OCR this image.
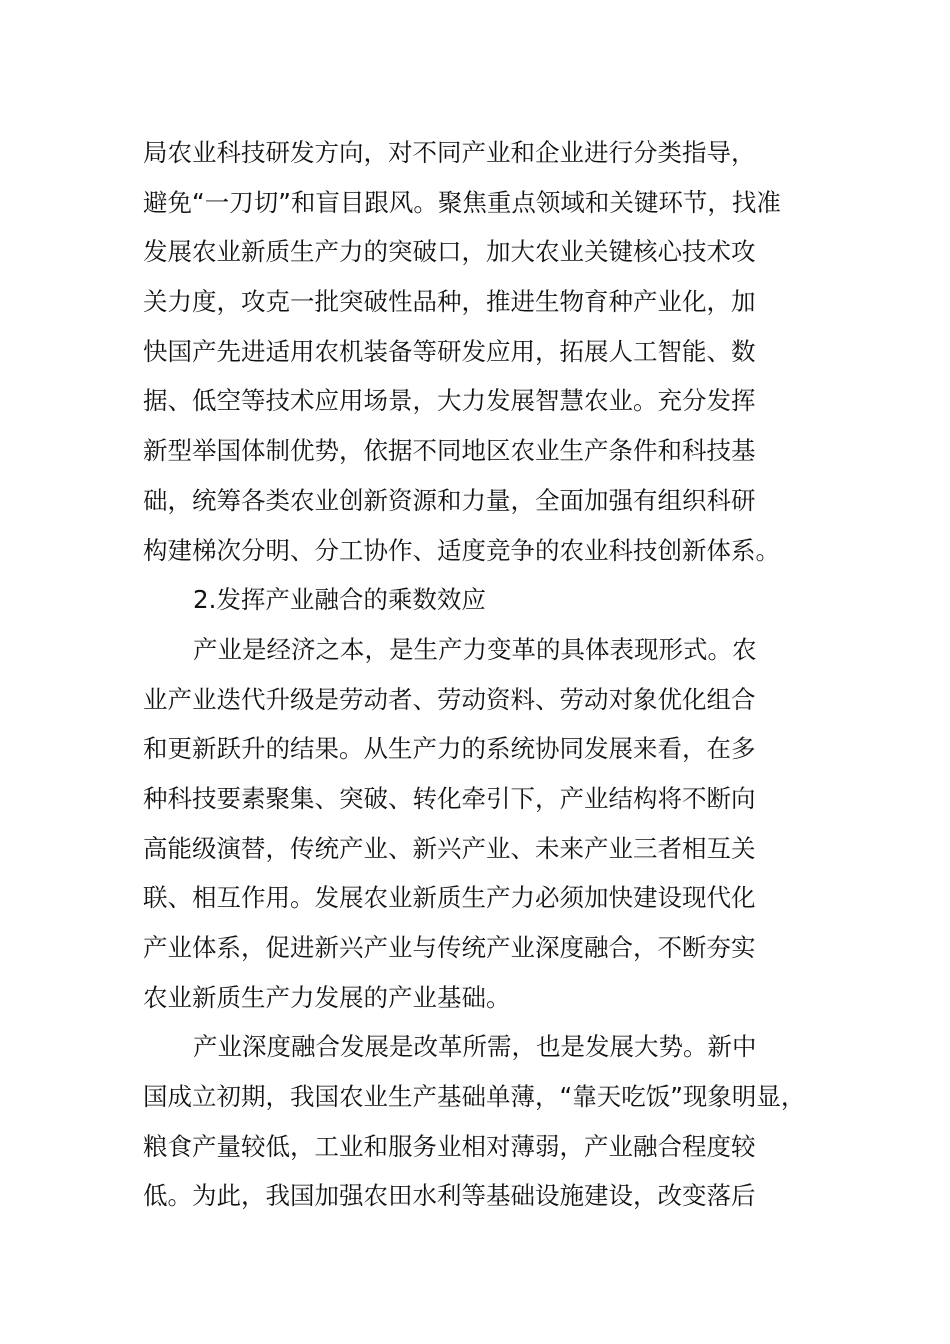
局农业科技研发方向，对不同产业和企业进行分类指导，
避免“一刀切”和盲目跟风。聚焦重点领域和关键环节，找准
发展农业新质生产力的突破口，加大农业关键核心技术攻
关力度，攻克一批突破性品种，推进生物育种产业化，加
快国产先进适用农机装备等研发应用，拓展人工智能、数
据、低空等技术应用场景，大力发展智慧农业。充分发挥
新型举国体制优势，依据不同地区农业生产条件和科技基
础，统筹各类农业创新资源和力量，全面加强有组织科研
构建梯次分明、分工协作、适度竞争的农业科技创新体系。
2.发挥产业融合的乘数效应
产业是经济之本，是生产力变革的具体表现形式。农
业产业迭代升级是劳动者、劳动资料、劳动对象优化组合
和更新跃升的结果。从生产力的系统协同发展来看，在多
种科技要素聚集、突破、转化牵引下，产业结构将不断向
高能级演替，传统产业、新兴产业、未来产业三者相互关
联、相互作用。发展农业新质生产力必须加快建设现代化
产业体系，促进新兴产业与传统产业深度融合，不断夯实
农业新质生产力发展的产业基础。
产业深度融合发展是改革所需，也是发展大势。新中
国成立初期，我国农业生产基础单薄，“靠天吃饭”现象明显，
粮食产量较低，工业和服务业相对薄弱，产业融合程度较
低。为此，我国加强农田水利等基础设施建设，改变落后
